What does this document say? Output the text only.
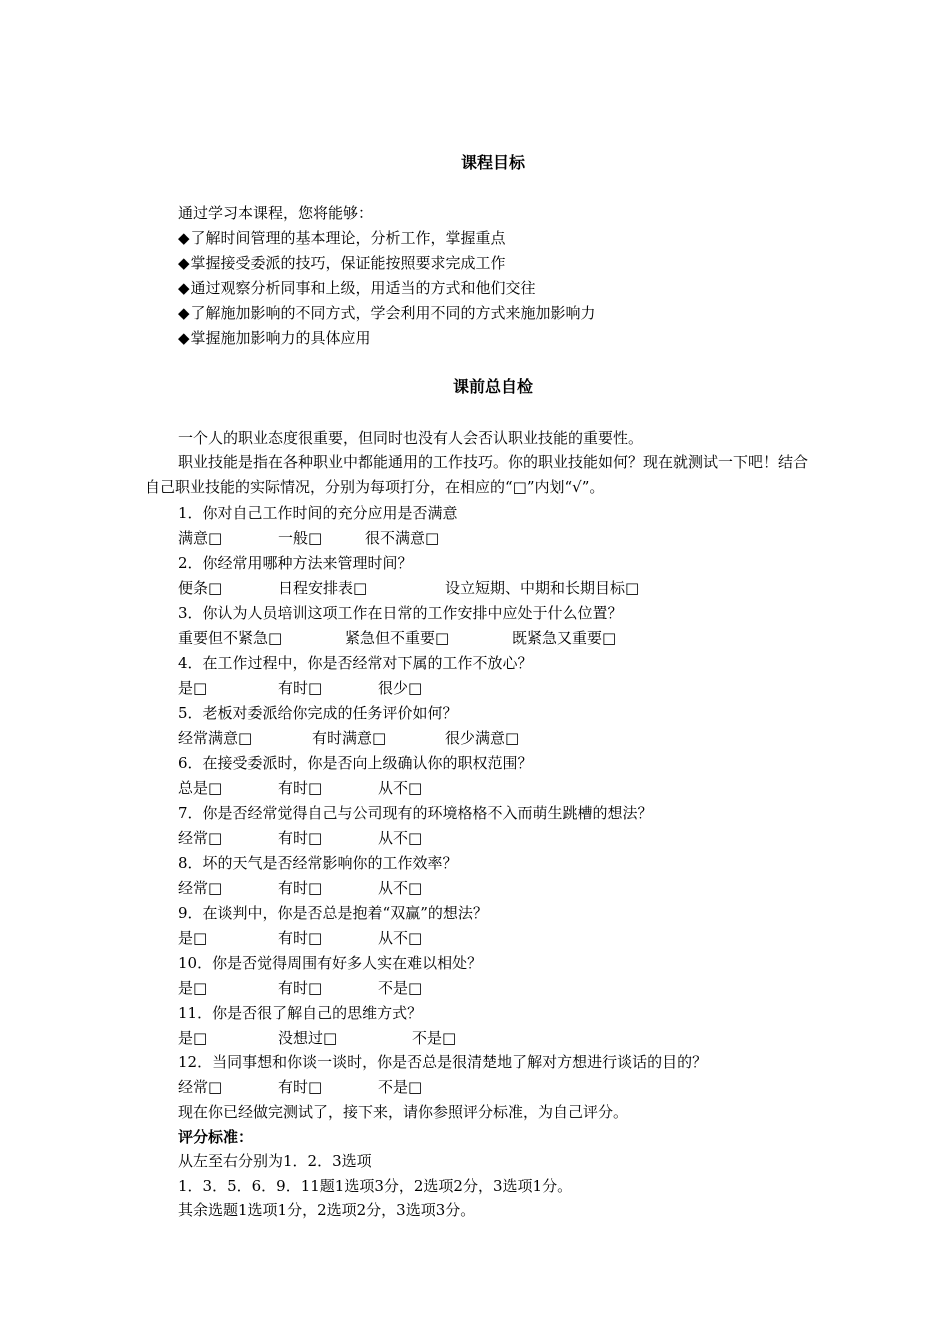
课程目标
通过学习本课程，您将能够：
◆了解时间管理的基本理论，分析工作，掌握重点
◆掌握接受委派的技巧，保证能按照要求完成工作
◆通过观察分析同事和上级，用适当的方式和他们交往
◆了解施加影响的不同方式，学会利用不同的方式来施加影响力
◆掌握施加影响力的具体应用
课前总自检
一个人的职业态度很重要，但同时也没有人会否认职业技能的重要性。
职业技能是指在各种职业中都能通用的工作技巧。你的职业技能如何？现在就测试一下吧！结合自己职业技能的实际情况，分别为每项打分，在相应的“□”内划“√”。
1．你对自己工作时间的充分应用是否满意
满意□	一般□	很不满意□
2．你经常用哪种方法来管理时间？
便条□	日程安排表□	设立短期、中期和长期目标□
3．你认为人员培训这项工作在日常的工作安排中应处于什么位置？
重要但不紧急□	紧急但不重要□	既紧急又重要□
4．在工作过程中，你是否经常对下属的工作不放心？
是□	有时□	很少□
5．老板对委派给你完成的任务评价如何？
经常满意□	有时满意□	很少满意□
6．在接受委派时，你是否向上级确认你的职权范围？
总是□	有时□	从不□
7．你是否经常觉得自己与公司现有的环境格格不入而萌生跳槽的想法？
经常□	有时□	从不□
8．坏的天气是否经常影响你的工作效率？
经常□	有时□	从不□
9．在谈判中，你是否总是抱着“双赢”的想法？
是□	有时□	从不□
10．你是否觉得周围有好多人实在难以相处？
是□	有时□	不是□
11．你是否很了解自己的思维方式？
是□	没想过□	不是□
12．当同事想和你谈一谈时，你是否总是很清楚地了解对方想进行谈话的目的？
经常□	有时□	不是□
现在你已经做完测试了，接下来，请你参照评分标准，为自己评分。
评分标准：
从左至右分别为1．2．3选项
1．3．5．6．9．11题1选项3分，2选项2分，3选项1分。
其余选题1选项1分，2选项2分，3选项3分。
